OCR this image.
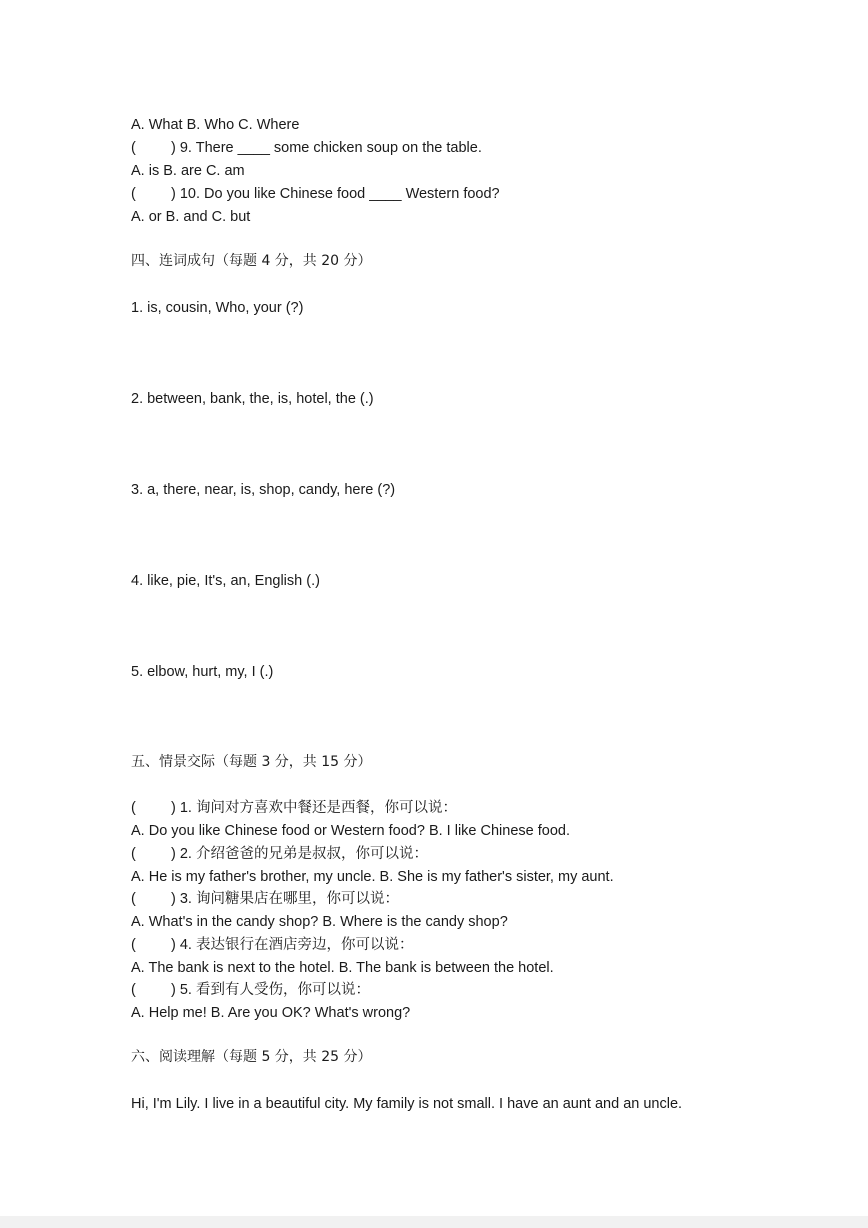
A. What B. Who C. Where
( ) 9. There ____ some chicken soup on the table.
A. is B. are C. am
( ) 10. Do you like Chinese food ____ Western food?
A. or B. and C. but
四、连词成句（每题 4 分，共 20 分）
1. is, cousin, Who, your (?)
2. between, bank, the, is, hotel, the (.)
3. a, there, near, is, shop, candy, here (?)
4. like, pie, It's, an, English (.)
5. elbow, hurt, my, I (.)
五、情景交际（每题 3 分，共 15 分）
( ) 1. 询问对方喜欢中餐还是西餐，你可以说：
A. Do you like Chinese food or Western food? B. I like Chinese food.
( ) 2. 介绍爸爸的兄弟是叔叔，你可以说：
A. He is my father's brother, my uncle. B. She is my father's sister, my aunt.
( ) 3. 询问糖果店在哪里，你可以说：
A. What's in the candy shop? B. Where is the candy shop?
( ) 4. 表达银行在酒店旁边，你可以说：
A. The bank is next to the hotel. B. The bank is between the hotel.
( ) 5. 看到有人受伤，你可以说：
A. Help me! B. Are you OK? What's wrong?
六、阅读理解（每题 5 分，共 25 分）
Hi, I'm Lily. I live in a beautiful city. My family is not small. I have an aunt and an uncle.
